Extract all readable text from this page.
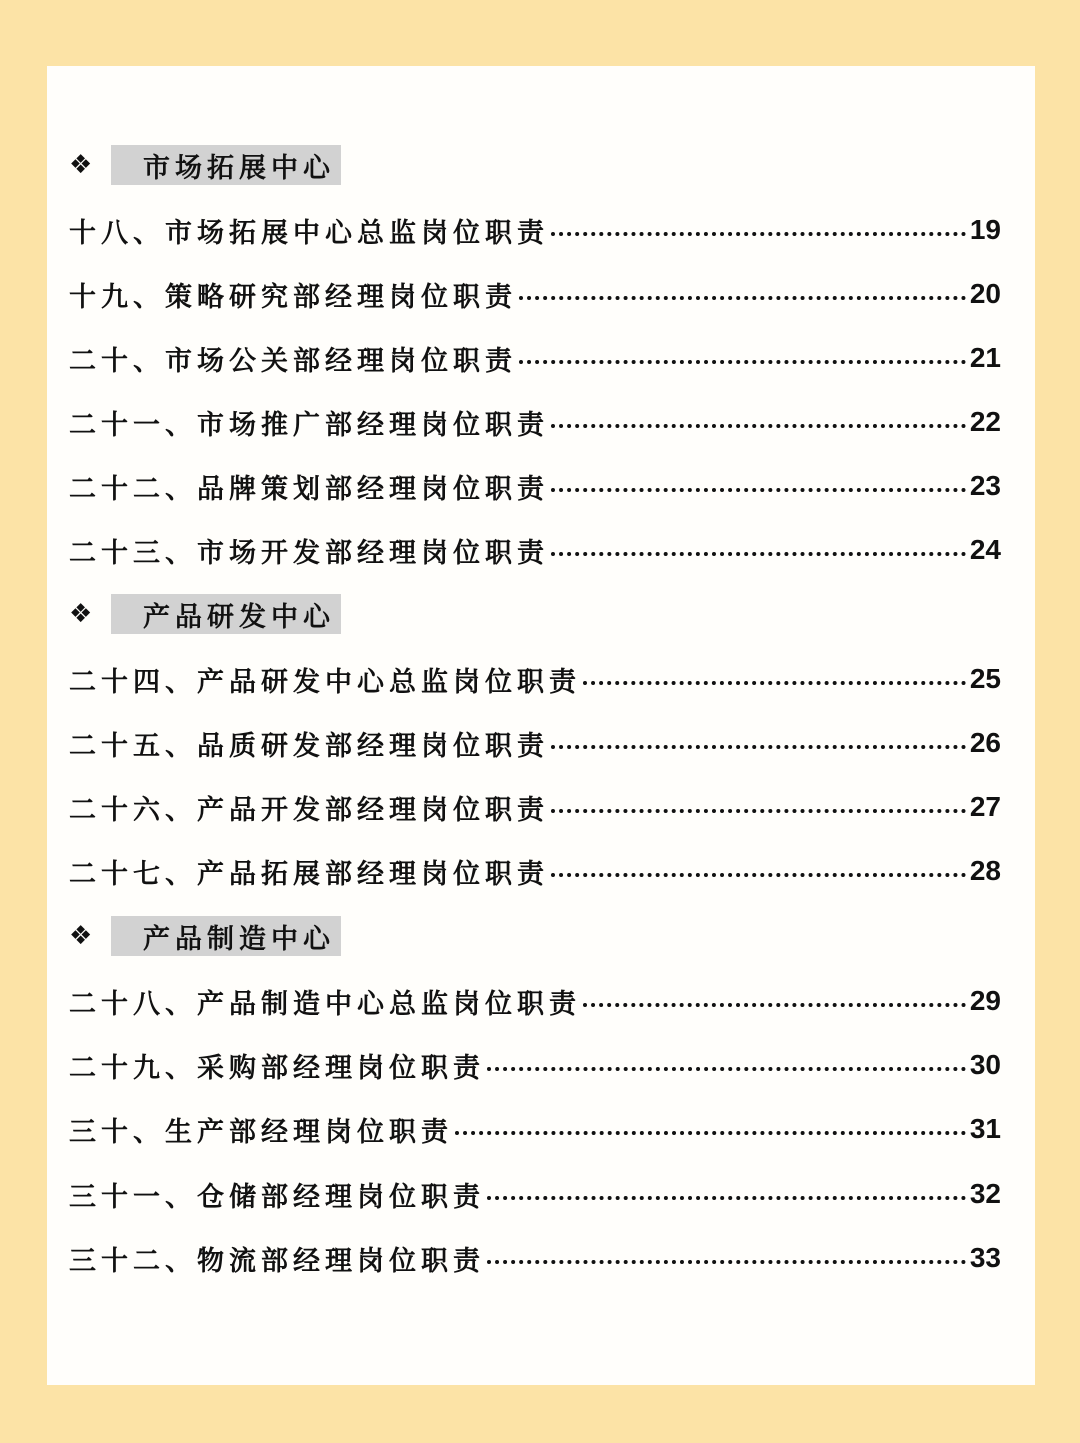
❖	市场拓展中心
十八、市场拓展中心总监岗位职责	19
十九、策略研究部经理岗位职责	20
二十、市场公关部经理岗位职责	21
二十一、市场推广部经理岗位职责	22
二十二、品牌策划部经理岗位职责	23
二十三、市场开发部经理岗位职责	24
❖	产品研发中心
二十四、产品研发中心总监岗位职责	25
二十五、品质研发部经理岗位职责	26
二十六、产品开发部经理岗位职责	27
二十七、产品拓展部经理岗位职责	28
❖	产品制造中心
二十八、产品制造中心总监岗位职责	29
二十九、采购部经理岗位职责	30
三十、生产部经理岗位职责	31
三十一、仓储部经理岗位职责	32
三十二、物流部经理岗位职责	33
